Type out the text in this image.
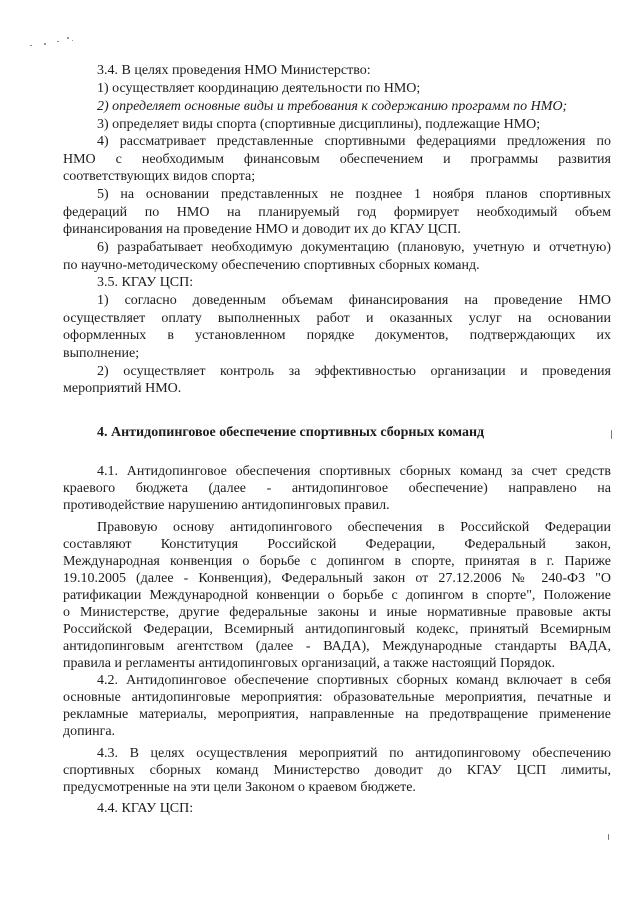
3.4. В целях проведения НМО Министерство:
1) осуществляет координацию деятельности по НМО;
2) определяет основные виды и требования к содержанию программ по НМО;
3) определяет виды спорта (спортивные дисциплины), подлежащие НМО;
4) рассматривает представленные спортивными федерациями предложения по
НМО с необходимым финансовым обеспечением и программы развития
соответствующих видов спорта;
5) на основании представленных не позднее 1 ноября планов спортивных
федераций по НМО на планируемый год формирует необходимый объем
финансирования на проведение НМО и доводит их до КГАУ ЦСП.
6) разрабатывает необходимую документацию (плановую, учетную и отчетную)
по научно-методическому обеспечению спортивных сборных команд.
3.5. КГАУ ЦСП:
1) согласно доведенным объемам финансирования на проведение НМО
осуществляет оплату выполненных работ и оказанных услуг на основании
оформленных в установленном порядке документов, подтверждающих их
выполнение;
2) осуществляет контроль за эффективностью организации и проведения
мероприятий НМО.
4. Антидопинговое обеспечение спортивных сборных команд
4.1. Антидопинговое обеспечения спортивных сборных команд за счет средств
краевого бюджета (далее - антидопинговое обеспечение) направлено на
противодействие нарушению антидопинговых правил.
Правовую основу антидопингового обеспечения в Российской Федерации
составляют Конституция Российской Федерации, Федеральный закон,
Международная конвенция о борьбе с допингом в спорте, принятая в г. Париже
19.10.2005 (далее - Конвенция), Федеральный закон от 27.12.2006 № 240-ФЗ "О
ратификации Международной конвенции о борьбе с допингом в спорте", Положение
о Министерстве, другие федеральные законы и иные нормативные правовые акты
Российской Федерации, Всемирный антидопинговый кодекс, принятый Всемирным
антидопинговым агентством (далее - ВАДА), Международные стандарты ВАДА,
правила и регламенты антидопинговых организаций, а также настоящий Порядок.
4.2. Антидопинговое обеспечение спортивных сборных команд включает в себя
основные антидопинговые мероприятия: образовательные мероприятия, печатные и
рекламные материалы, мероприятия, направленные на предотвращение применение
допинга.
4.3. В целях осуществления мероприятий по антидопинговому обеспечению
спортивных сборных команд Министерство доводит до КГАУ ЦСП лимиты,
предусмотренные на эти цели Законом о краевом бюджете.
4.4. КГАУ ЦСП:
